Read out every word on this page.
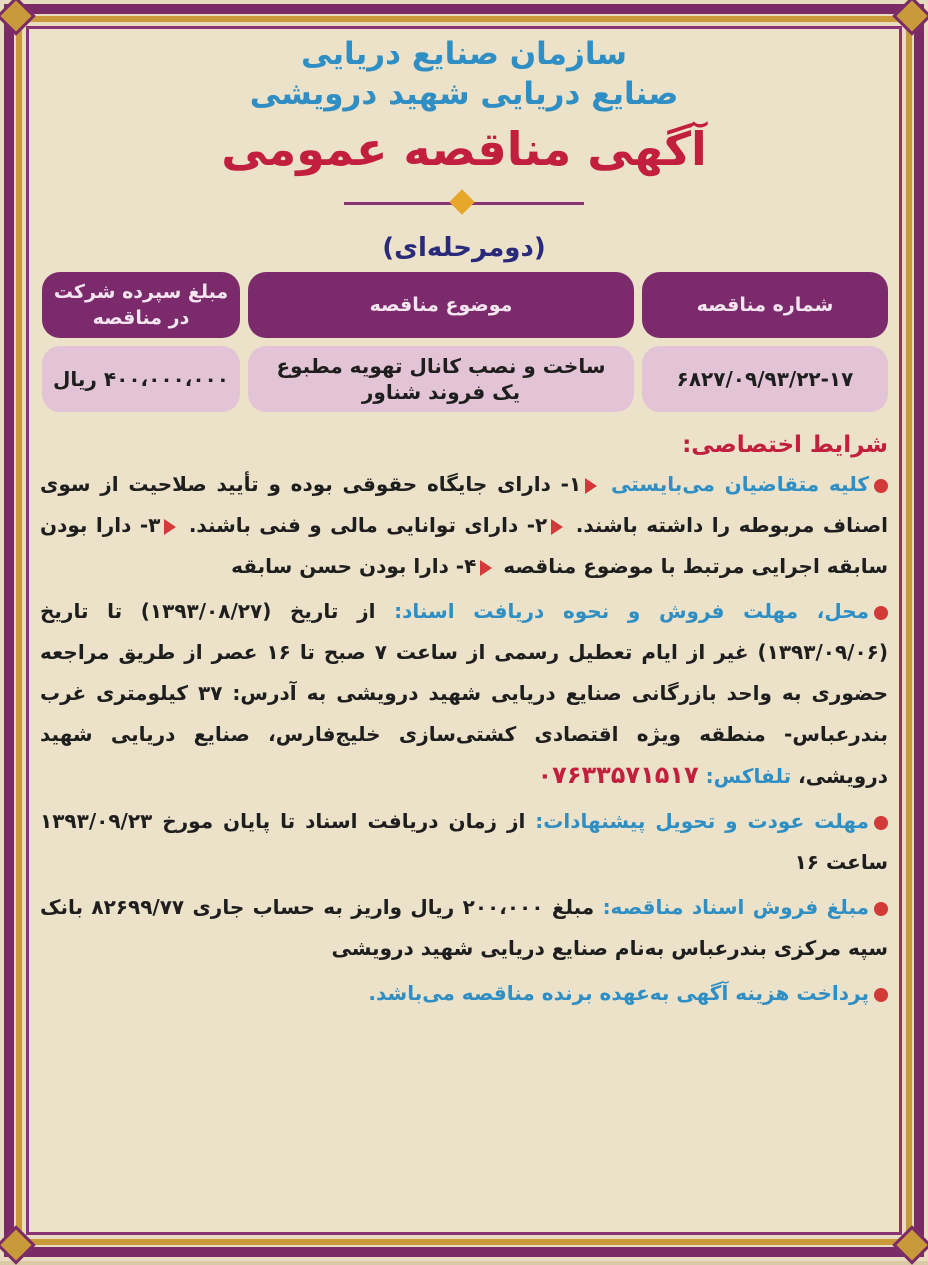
سازمان صنایع دریایی

صنایع دریایی شهید درویشی

آگهی مناقصه عمومی

(دومرحله‌ای)
شماره مناقصه
۶۸۲۷/۰۹/۹۳/۲۲-۱۷
موضوع مناقصه
ساخت و نصب کانال تهویه مطبوع
یک فروند شناور
مبلغ سپرده شرکت
در مناقصه
۴۰۰،۰۰۰،۰۰۰ ریال
شرایط اختصاصی:
کلیه متقاضیان می‌بایستی ۱- دارای جایگاه حقوقی بوده و تأیید صلاحیت از سوی اصناف مربوطه را داشته باشند. ۲- دارای توانایی مالی و فنی باشند. ۳- دارا بودن سابقه اجرایی مرتبط با موضوع مناقصه ۴- دارا بودن حسن سابقه
محل، مهلت فروش و نحوه دریافت اسناد: از تاریخ (۱۳۹۳/۰۸/۲۷) تا تاریخ (۱۳۹۳/۰۹/۰۶) غیر از ایام تعطیل رسمی از ساعت ۷ صبح تا ۱۶ عصر از طریق مراجعه حضوری به واحد بازرگانی صنایع دریایی شهید درویشی به آدرس: ۳۷ کیلومتری غرب بندرعباس- منطقه ویژه اقتصادی کشتی‌سازی خلیج‌فارس، صنایع دریایی شهید درویشی، تلفاکس: ۰۷۶۳۳۵۷۱۵۱۷
مهلت عودت و تحویل پیشنهادات: از زمان دریافت اسناد تا پایان مورخ ۱۳۹۳/۰۹/۲۳ ساعت ۱۶
مبلغ فروش اسناد مناقصه: مبلغ ۲۰۰،۰۰۰ ریال واریز به حساب جاری ۸۲۶۹۹/۷۷ بانک سپه مرکزی بندرعباس به‌نام صنایع دریایی شهید درویشی
پرداخت هزینه آگهی به‌عهده برنده مناقصه می‌باشد.
